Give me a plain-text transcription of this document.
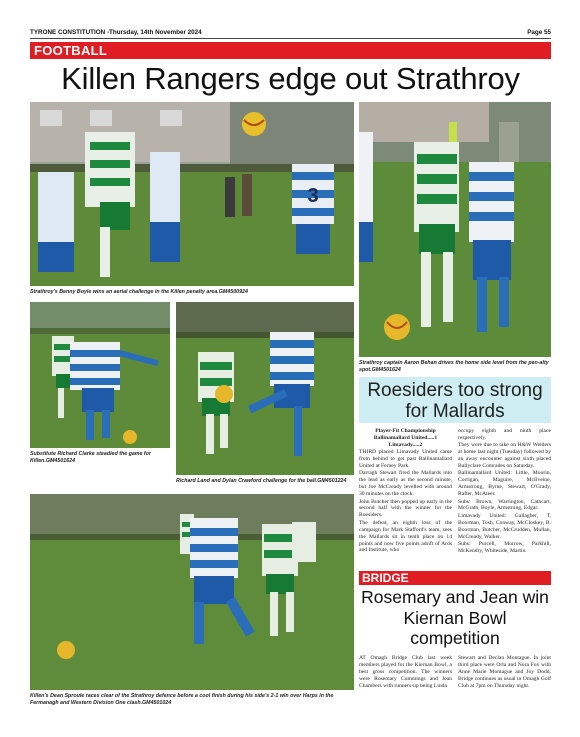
TYRONE CONSTITUTION -Thursday, 14th November 2024	Page 55
FOOTBALL
Killen Rangers edge out Strathroy
3
Strathroy's Benny Boyle wins an aerial challenge in the Killen penalty area.GM4500924
Strathroy captain Aaron Behan drives the home side level from the pen-alty spot.GM4501624
Substitute Richard Clarke steadied the game for Killen.GM4501624
Richard Land and Dylan Crawford challenge for the ball.GM4501224
Killen's Dean Sproule races clear of the Strathroy defence before a cool finish during his side's 2-1 win over Harps in the Fermanagh and Western Division One clash.GM4501024
Roesiders too strong for Mallards

Player-Fit Championship Ballinamallard United.....1 Limavady.....2

THIRD placed Limavady United came from behind to get past Ballinamallard United at Ferney Park.

Darragh Stewart fired the Mallards into the lead as early as the second minute, but Joe McCready levelled with around 30 minutes on the clock.

John Butcher then popped up early in the second half with the winner for the Roesiders.

The defeat, an eighth loss of the campaign for Mark Stafford's team, sees the Mallards sit in tenth place on 14 points and now five points adrift of Ards and Institute, who

occupy eighth and ninth place respectively.

They were due to take on H&W Welders at home last night (Tuesday) followed by an away encounter against sixth placed Ballyclare Comrades on Saturday.

Ballinamallard United: Little, Moorin, Corrigan, Maguire, McIlveine, Armstrong, Byrne, Stewart, O'Grady, Rafter, McAteer.

Subs: Brown, Warrington, Cathcart, McGrath, Boyle, Armstrong, Edgar.

Limavady United: Gallagher, T. Boorman, Tosh, Conway, McCloskey, R. Boorman, Butcher, McCrudden, Mullan, McCready, Walker.

Subs: Purcell, Morrow, Parkhill, McKendry, Whiteside, Martin.

BRIDGE
Rosemary and Jean win Kiernan Bowl competition

AT Omagh Bridge Club last week members played for the Kiernan Bowl, a best gross competition. The winners were Rosemary Cummings and Jean Chambers with runners-up being Linda

Stewart and Declan Montague. In joint third place were Orla and Nora Fox with Anne Marie Montague and Joy Dodd. Bridge continues as usual in Omagh Golf Club at 7pm on Thursday night.
